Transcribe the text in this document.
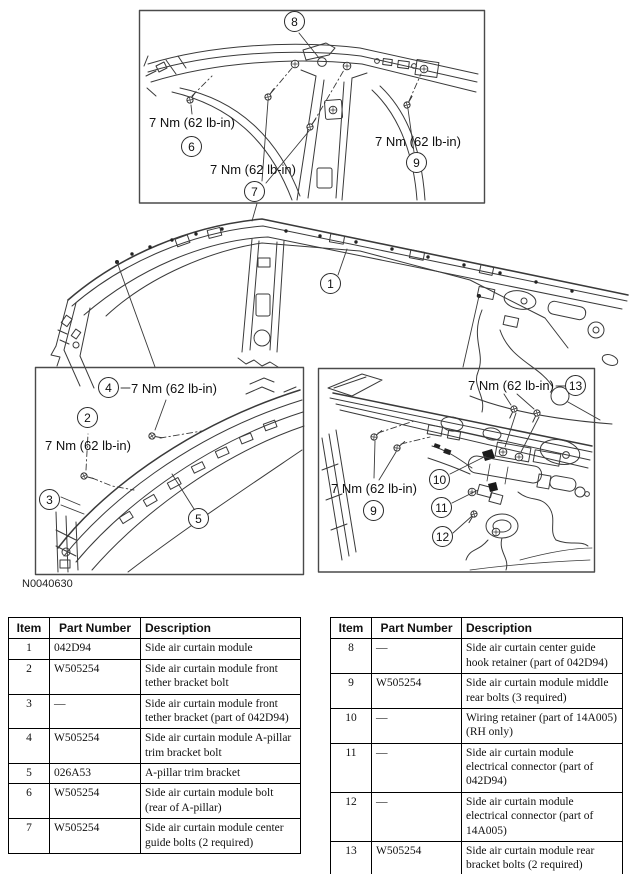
8
6
7
9
1
4
2
3
5
13
9
10
11
12
7 Nm (62 lb-in)
7 Nm (62 lb-in)
7 Nm (62 lb-in)
7 Nm (62 lb-in)
7 Nm (62 lb-in)
7 Nm (62 lb-in)
7 Nm (62 lb-in)
N0040630
Item	Part Number	Description
1	042D94	Side air curtain module
2	W505254	Side air curtain module front tether bracket bolt
3	—	Side air curtain module front tether bracket (part of 042D94)
4	W505254	Side air curtain module A-pillar trim bracket bolt
5	026A53	A-pillar trim bracket
6	W505254	Side air curtain module bolt (rear of A-pillar)
7	W505254	Side air curtain module center guide bolts (2 required)
Item	Part Number	Description
8	—	Side air curtain center guide hook retainer (part of 042D94)
9	W505254	Side air curtain module middle rear bolts (3 required)
10	—	Wiring retainer (part of 14A005) (RH only)
11	—	Side air curtain module electrical connector (part of 042D94)
12	—	Side air curtain module electrical connector (part of 14A005)
13	W505254	Side air curtain module rear bracket bolts (2 required)
